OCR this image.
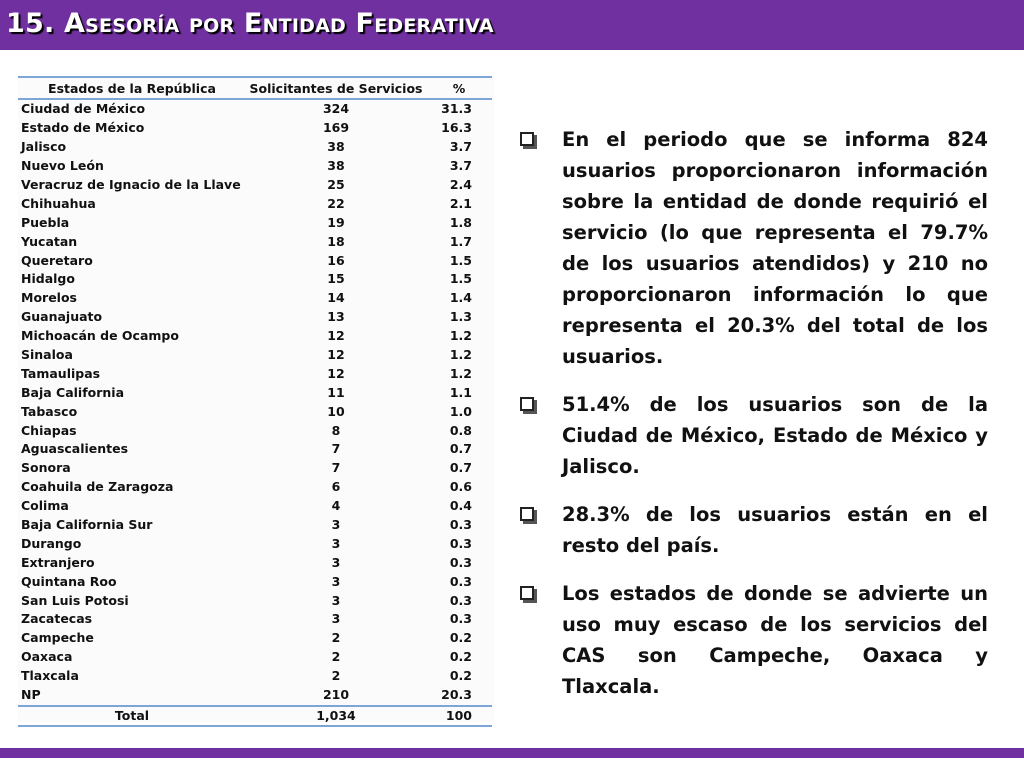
15. Asesoría por Entidad Federativa
Estados de la República	Solicitantes de Servicios	%
Ciudad de México	324	31.3
Estado de México	169	16.3
Jalisco	38	3.7
Nuevo León	38	3.7
Veracruz de Ignacio de la Llave	25	2.4
Chihuahua	22	2.1
Puebla	19	1.8
Yucatan	18	1.7
Queretaro	16	1.5
Hidalgo	15	1.5
Morelos	14	1.4
Guanajuato	13	1.3
Michoacán de Ocampo	12	1.2
Sinaloa	12	1.2
Tamaulipas	12	1.2
Baja California	11	1.1
Tabasco	10	1.0
Chiapas	8	0.8
Aguascalientes	7	0.7
Sonora	7	0.7
Coahuila de Zaragoza	6	0.6
Colima	4	0.4
Baja California Sur	3	0.3
Durango	3	0.3
Extranjero	3	0.3
Quintana Roo	3	0.3
San Luis Potosi	3	0.3
Zacatecas	3	0.3
Campeche	2	0.2
Oaxaca	2	0.2
Tlaxcala	2	0.2
NP	210	20.3
Total	1,034	100
En el periodo que se informa 824 usuarios proporcionaron información sobre la entidad de donde requirió el servicio (lo que representa el 79.7% de los usuarios atendidos) y 210 no proporcionaron información lo que representa el 20.3% del total de los usuarios.
51.4% de los usuarios son de la Ciudad de México, Estado de México y Jalisco.
28.3% de los usuarios están en el resto del país.
Los estados de donde se advierte un uso muy escaso de los servicios del CAS son Campeche, Oaxaca y Tlaxcala.
